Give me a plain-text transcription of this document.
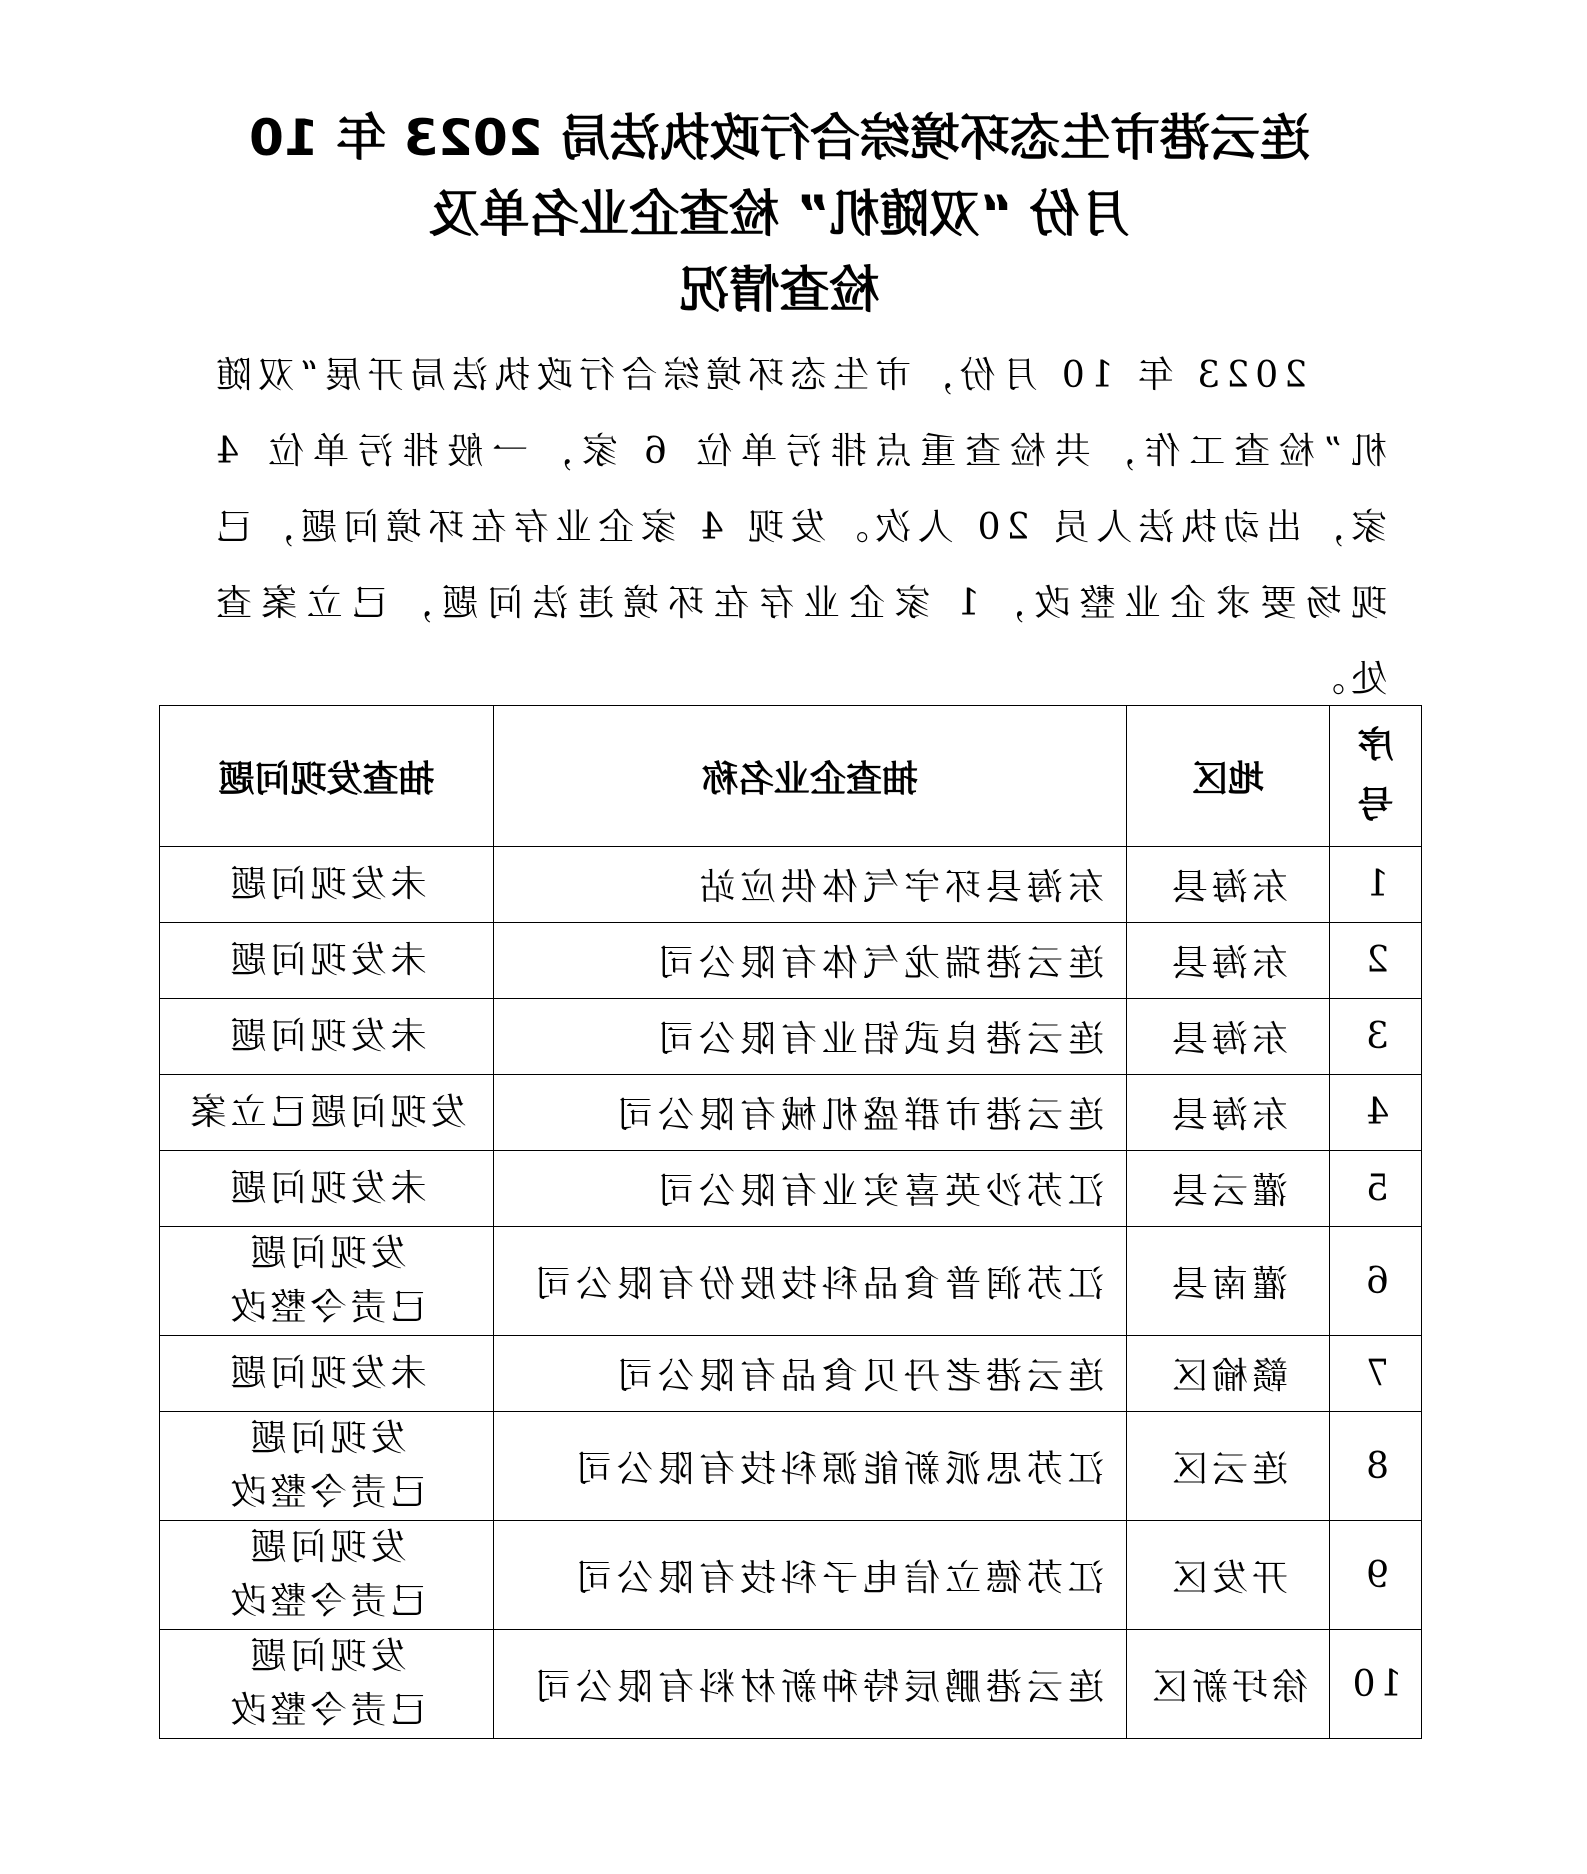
连云港市生态环境综合行政执法局 2023 年 10
月份 “双随机” 检查企业名单及
检查情况

2023 年 10 月份，市生态环境综合行政执法局开展“双随机”检查工作，共检查重点排污单位 6 家，一般排污单位 4 家，出动执法人员 20 人次。发现 4 家企业存在环境问题，已现场要求企业整改，1 家企业存在环境违法问题，已立案查处。

序
号	地区	抽查企业名称	抽查发现问题
1	东海县	东海县环宇气体供应站	未发现问题

2	东海县	连云港瑞龙气体有限公司	未发现问题

3	东海县	连云港良武铝业有限公司	未发现问题

4	东海县	连云港市群盛机械有限公司	发现问题已立案

5	灌云县	江苏沙英喜实业有限公司	未发现问题

6	灌南县	江苏润普食品科技股份有限公司	发现问题
已责令整改

7	赣榆区	连云港老丹贝食品有限公司	未发现问题

8	连云区	江苏思派新能源科技有限公司	发现问题
已责令整改

9	开发区	江苏德立信电子科技有限公司	发现问题
已责令整改

10	徐圩新区	连云港鹏辰特种新材料有限公司	发现问题
已责令整改
